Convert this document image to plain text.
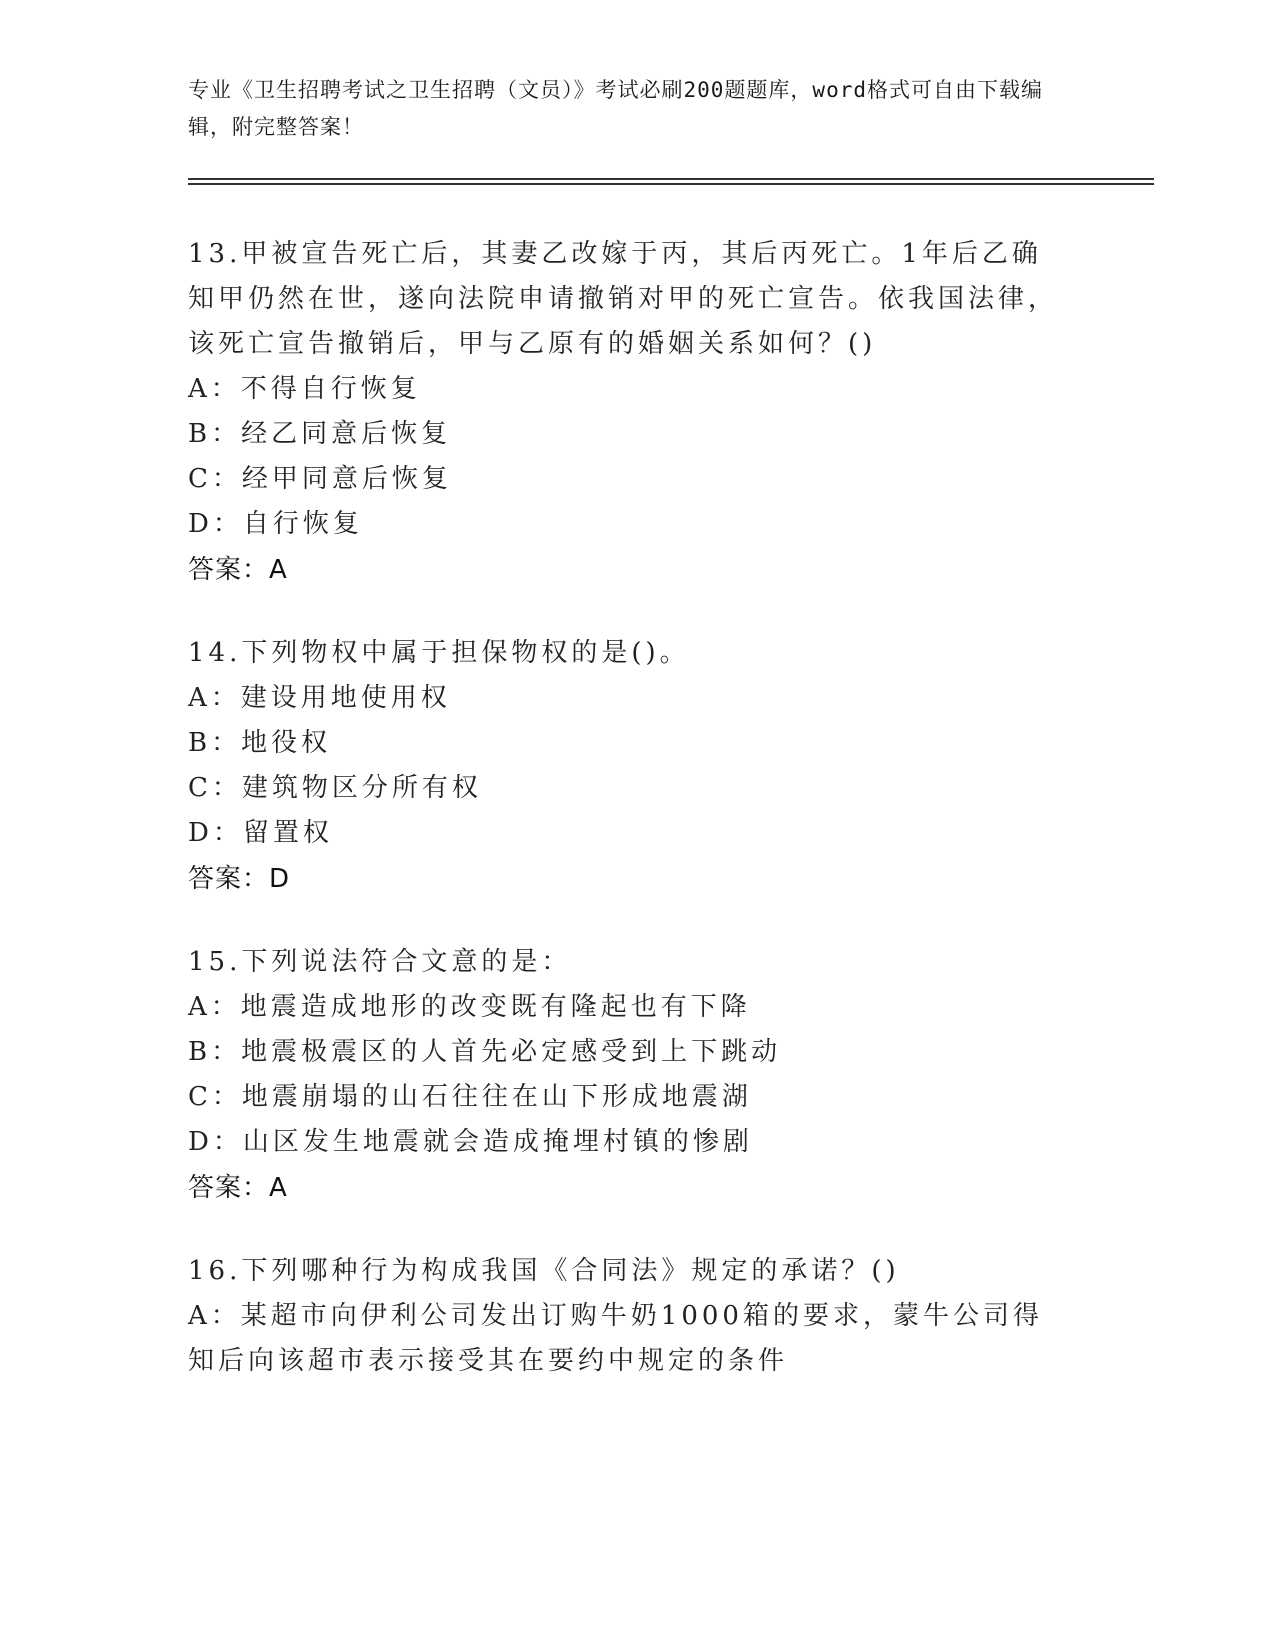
专业《卫生招聘考试之卫生招聘（文员）》考试必刷200题题库，word格式可自由下载编辑，附完整答案！

13.甲被宣告死亡后，其妻乙改嫁于丙，其后丙死亡。1年后乙确知甲仍然在世，遂向法院申请撤销对甲的死亡宣告。依我国法律，该死亡宣告撤销后，甲与乙原有的婚姻关系如何？()

A：不得自行恢复
B：经乙同意后恢复
C：经甲同意后恢复
D：自行恢复
答案：A

14.下列物权中属于担保物权的是()。

A：建设用地使用权
B：地役权
C：建筑物区分所有权
D：留置权
答案：D

15.下列说法符合文意的是：

A：地震造成地形的改变既有隆起也有下降
B：地震极震区的人首先必定感受到上下跳动
C：地震崩塌的山石往往在山下形成地震湖
D：山区发生地震就会造成掩埋村镇的惨剧
答案：A

16.下列哪种行为构成我国《合同法》规定的承诺？()

A：某超市向伊利公司发出订购牛奶1000箱的要求，蒙牛公司得知后向该超市表示接受其在要约中规定的条件
